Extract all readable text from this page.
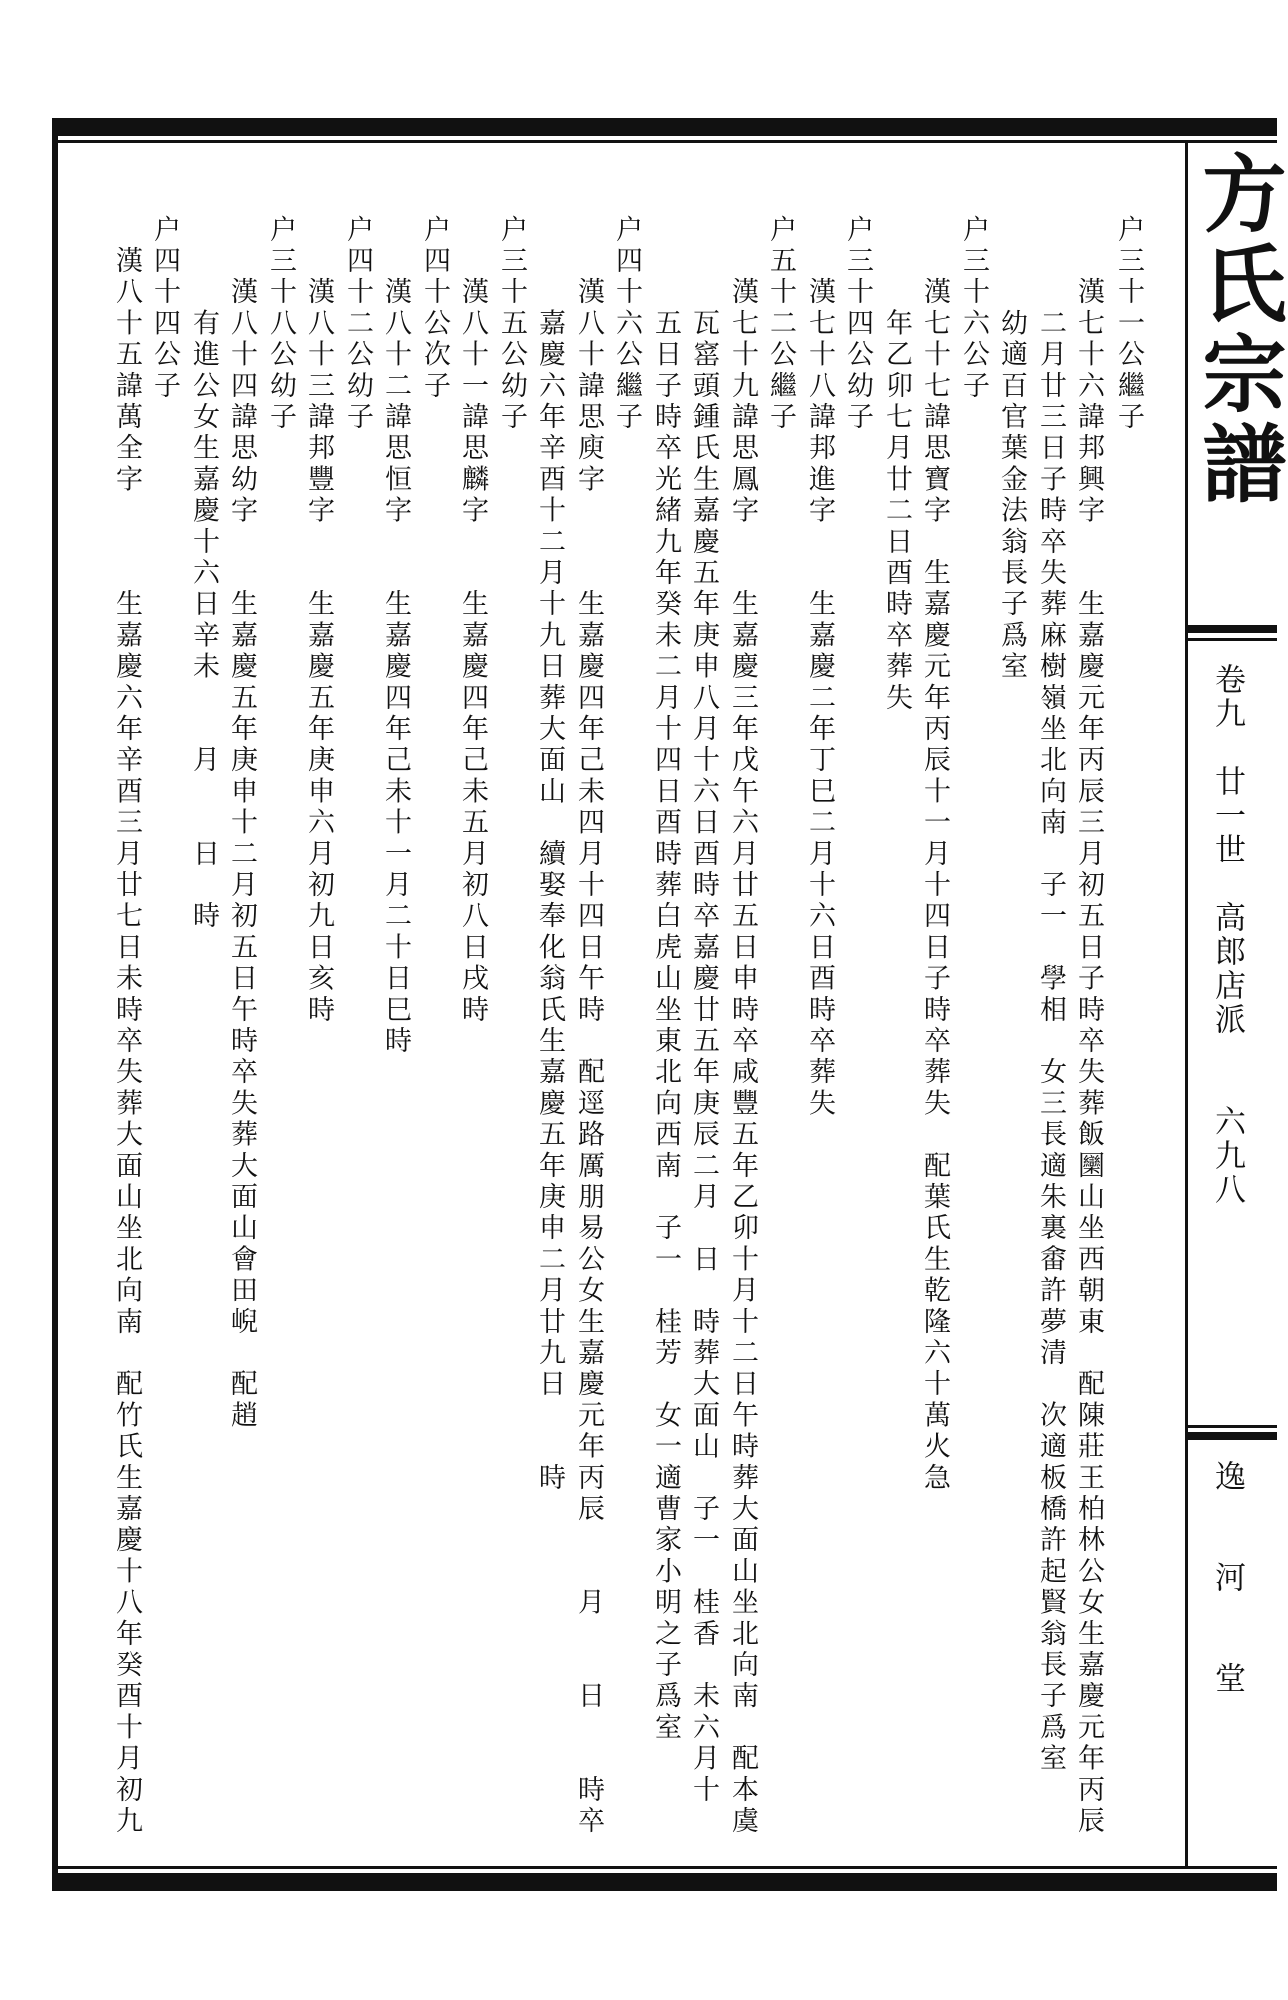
方氏宗譜
卷九　廿一世　高郎店派　　六九八
逸河堂
户三十一公繼子
　　漢七十六諱邦興字　　生嘉慶元年丙辰三月初五日子時卒失葬飯圞山坐西朝東　配陳莊王柏林公女生嘉慶元年丙辰
　　　二月廿三日子時卒失葬麻樹嶺坐北向南　子一　學相　女三長適朱裏畬許夢清　次適板橋許起賢翁長子爲室
　　　幼適百官葉金法翁長子爲室
户三十六公子
　　漢七十七諱思寶字　生嘉慶元年丙辰十一月十四日子時卒葬失　配葉氏生乾隆六十萬火急
　　　年乙卯七月廿二日酉時卒葬失
户三十四公幼子
　　漢七十八諱邦進字　　生嘉慶二年丁巳二月十六日酉時卒葬失
户五十二公繼子
　　漢七十九諱思鳳字　　生嘉慶三年戊午六月廿五日申時卒咸豐五年乙卯十月十二日午時葬大面山坐北向南　配本虞
　　　瓦窰頭鍾氏生嘉慶五年庚申八月十六日酉時卒嘉慶廿五年庚辰二月　日　時葬大面山　子一　桂香　未六月十
　　　五日子時卒光緒九年癸未二月十四日酉時葬白虎山坐東北向西南　子一　桂芳　女一適曹家小明之子爲室
户四十六公繼子
　　漢八十諱思庾字　　　生嘉慶四年己未四月十四日午時　配逕路厲朋易公女生嘉慶元年丙辰　　月　　日　　時卒
　　　嘉慶六年辛酉十二月十九日葬大面山　續娶奉化翁氏生嘉慶五年庚申二月廿九日　　時
户三十五公幼子
　　漢八十一諱思麟字　　生嘉慶四年己未五月初八日戌時
户四十公次子
　　漢八十二諱思恒字　　生嘉慶四年己未十一月二十日巳時
户四十二公幼子
　　漢八十三諱邦豐字　　生嘉慶五年庚申六月初九日亥時
户三十八公幼子
　　漢八十四諱思幼字　　生嘉慶五年庚申十二月初五日午時卒失葬大面山會田𡸣　配趙
　　　有進公女生嘉慶十六日辛未　　月　　日　時
户四十四公子
　漢八十五諱萬全字　　　生嘉慶六年辛酉三月廿七日未時卒失葬大面山坐北向南　配竹氏生嘉慶十八年癸酉十月初九
